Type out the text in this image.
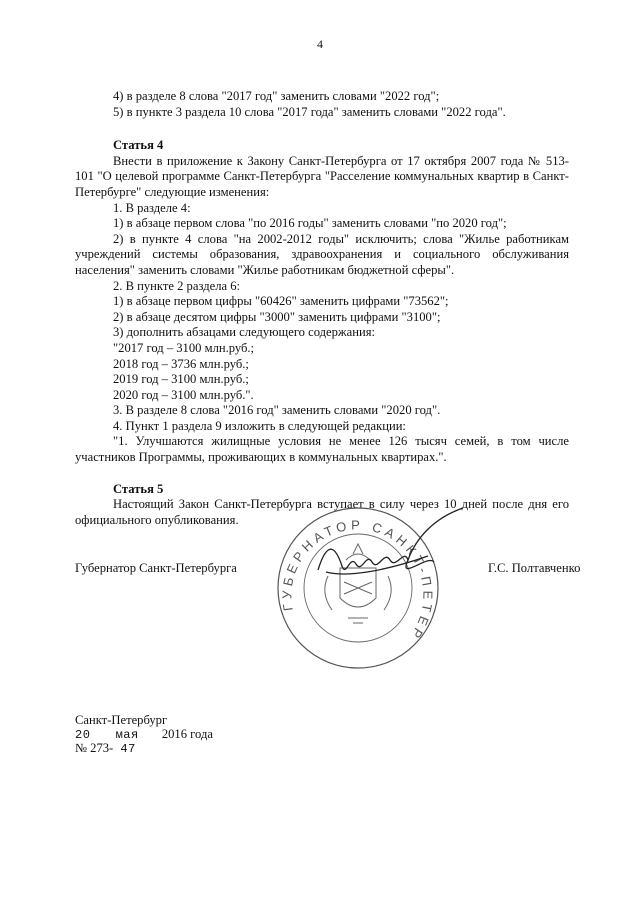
4

4) в разделе 8 слова "2017 год" заменить словами "2022 год";

5) в пункте 3 раздела 10 слова "2017 года" заменить словами "2022 года".

Статья 4

Внести в приложение к Закону Санкт-Петербурга от 17 октября 2007 года № 513-101 "О целевой программе Санкт-Петербурга "Расселение коммунальных квартир в Санкт-Петербурге" следующие изменения:

1. В разделе 4:

1) в абзаце первом слова "по 2016 годы" заменить словами "по 2020 год";

2) в пункте 4 слова "на 2002-2012 годы" исключить; слова "Жилье работникам учреждений системы образования, здравоохранения и социального обслуживания населения" заменить словами "Жилье работникам бюджетной сферы".

2. В пункте 2 раздела 6:

1) в абзаце первом цифры "60426" заменить цифрами "73562";

2) в абзаце десятом цифры "3000" заменить цифрами "3100";

3) дополнить абзацами следующего содержания:

"2017 год – 3100 млн.руб.;

2018 год – 3736 млн.руб.;

2019 год – 3100 млн.руб.;

2020 год – 3100 млн.руб.".

3. В разделе 8 слова "2016 год" заменить словами "2020 год".

4. Пункт 1 раздела 9 изложить в следующей редакции:

"1. Улучшаются жилищные условия не менее 126 тысяч семей, в том числе участников Программы, проживающих в коммунальных квартирах.".

Статья 5

Настоящий Закон Санкт-Петербурга вступает в силу через 10 дней после дня его официального опубликования.

Губернатор Санкт-Петербурга	Г.С. Полтавченко
ГУБЕРНАТОР САНКТ-ПЕТЕРБУРГА
Санкт-Петербург
20 мая 2016 года
№ 273- 47
